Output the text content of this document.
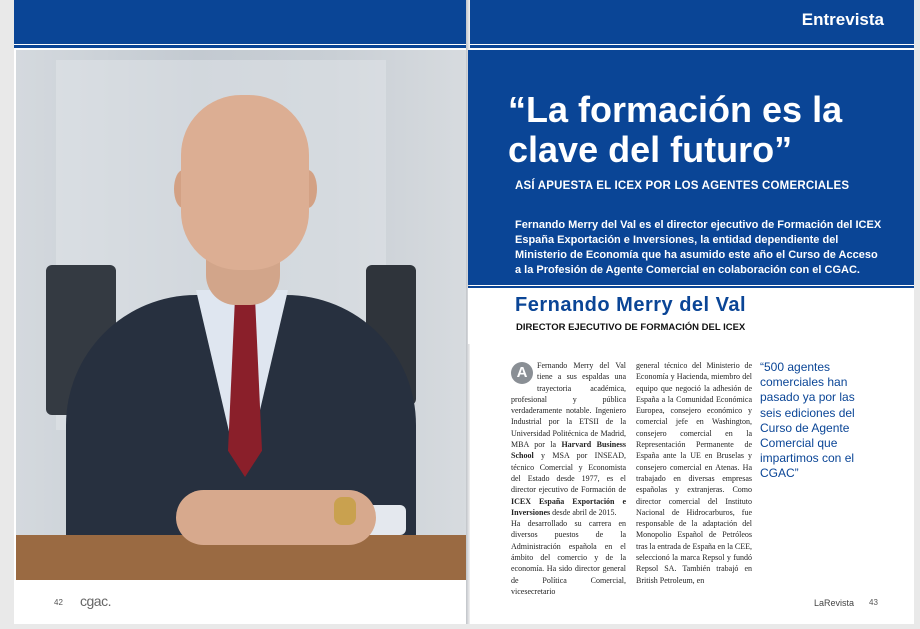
Entrevista
42 cgac.
“La formación es la clave del futuro”
ASÍ APUESTA EL ICEX POR LOS AGENTES COMERCIALES

Fernando Merry del Val es el director ejecutivo de Formación del ICEX España Exportación e Inversiones, la entidad dependiente del Ministerio de Economía que ha asumido este año el Curso de Acceso a la Profesión de Agente Comercial en colaboración con el CGAC.

Fernando Merry del Val

DIRECTOR EJECUTIVO DE FORMACIÓN DEL ICEX

A	Fernando Merry del Val tiene a sus espaldas una trayectoria académica, profesional y pública verdaderamente notable. Ingeniero Industrial por la ETSII de la Universidad Politécnica de Madrid, MBA por la Harvard Business School y MSA por INSEAD, técnico Comercial y Economista del Estado desde 1977, es el director ejecutivo de Formación de ICEX España Exportación e Inversiones desde abril de 2015.

Ha desarrollado su carrera en diversos puestos de la Administración española en el ámbito del comercio y de la economía. Ha sido director general de Política Comercial, vicesecretario

general técnico del Ministerio de Economía y Hacienda, miembro del equipo que negoció la adhesión de España a la Comunidad Económica Europea, consejero económico y comercial jefe en Washington, consejero comercial en la Representación Permanente de España ante la UE en Bruselas y consejero comercial en Atenas. Ha trabajado en diversas empresas españolas y extranjeras. Como director comercial del Instituto Nacional de Hidrocarburos, fue responsable de la adaptación del Monopolio Español de Petróleos tras la entrada de España en la CEE, seleccionó la marca Repsol y fundó Repsol SA. También trabajó en British Petroleum, en

“500 agentes comerciales han pasado ya por las seis ediciones del Curso de Agente Comercial que impartimos con el CGAC”

LaRevista 43
